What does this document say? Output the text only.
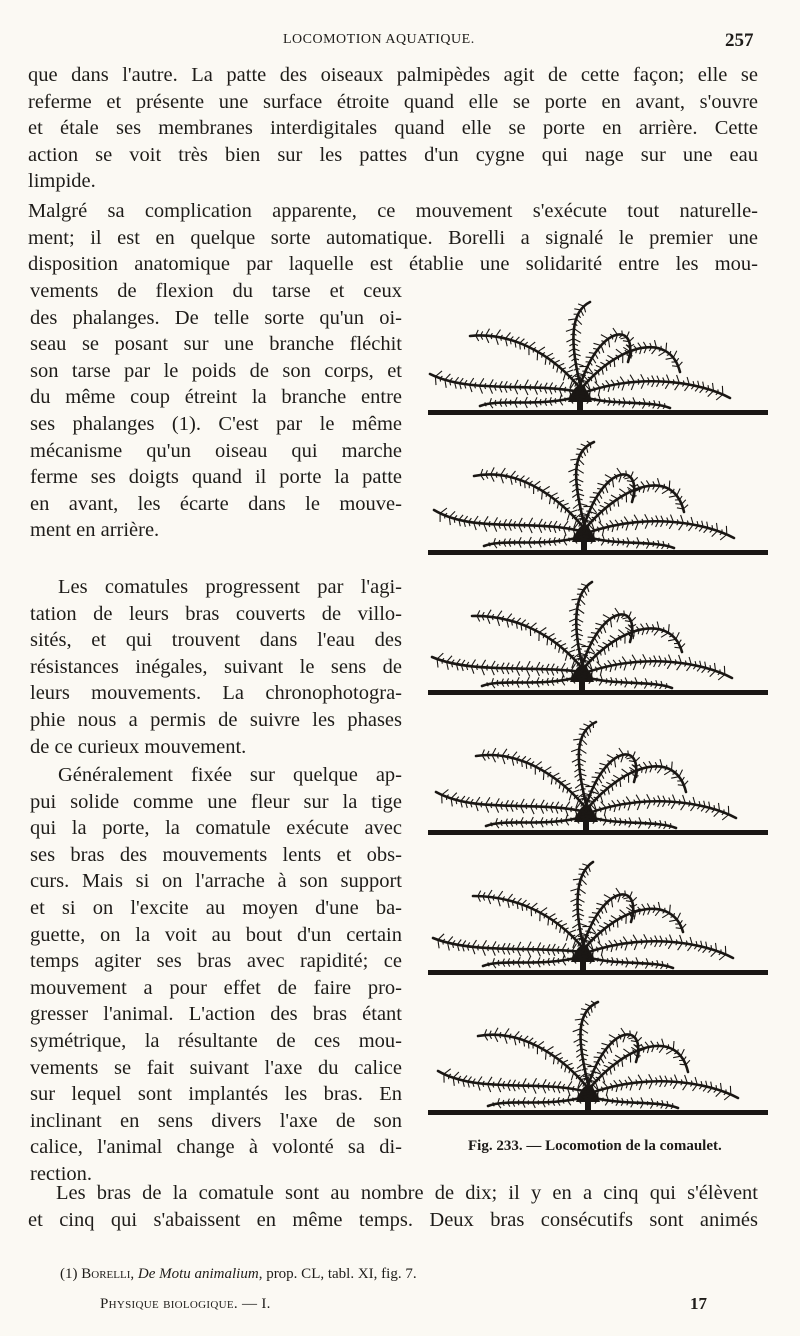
LOCOMOTION AQUATIQUE.	257
que dans l'autre. La patte des oiseaux palmipèdes agit de cette façon; elle se
referme et présente une surface étroite quand elle se porte en avant, s'ouvre
et étale ses membranes interdigitales quand elle se porte en arrière. Cette
action se voit très bien sur les pattes d'un cygne qui nage sur une eau
limpide.
Malgré sa complication apparente, ce mouvement s'exécute tout naturelle-
ment; il est en quelque sorte automatique. Borelli a signalé le premier une
disposition anatomique par laquelle est établie une solidarité entre les mou-
vements de flexion du tarse et ceux
des phalanges. De telle sorte qu'un oi-
seau se posant sur une branche fléchit
son tarse par le poids de son corps, et
du même coup étreint la branche entre
ses phalanges (1). C'est par le même
mécanisme qu'un oiseau qui marche
ferme ses doigts quand il porte la patte
en avant, les écarte dans le mouve-
ment en arrière.
Les comatules progressent par l'agi-
tation de leurs bras couverts de villo-
sités, et qui trouvent dans l'eau des
résistances inégales, suivant le sens de
leurs mouvements. La chronophotogra-
phie nous a permis de suivre les phases
de ce curieux mouvement.
Généralement fixée sur quelque ap-
pui solide comme une fleur sur la tige
qui la porte, la comatule exécute avec
ses bras des mouvements lents et obs-
curs. Mais si on l'arrache à son support
et si on l'excite au moyen d'une ba-
guette, on la voit au bout d'un certain
temps agiter ses bras avec rapidité; ce
mouvement a pour effet de faire pro-
gresser l'animal. L'action des bras étant
symétrique, la résultante de ces mou-
vements se fait suivant l'axe du calice
sur lequel sont implantés les bras. En
inclinant en sens divers l'axe de son
calice, l'animal change à volonté sa di-
rection.
Les bras de la comatule sont au nombre de dix; il y en a cinq qui s'élèvent
et cinq qui s'abaissent en même temps. Deux bras consécutifs sont animés
Fig. 233. — Locomotion de la comaulet.
(1) Borelli, De Motu animalium, prop. CL, tabl. XI, fig. 7.
Physique biologique. — I.	17
